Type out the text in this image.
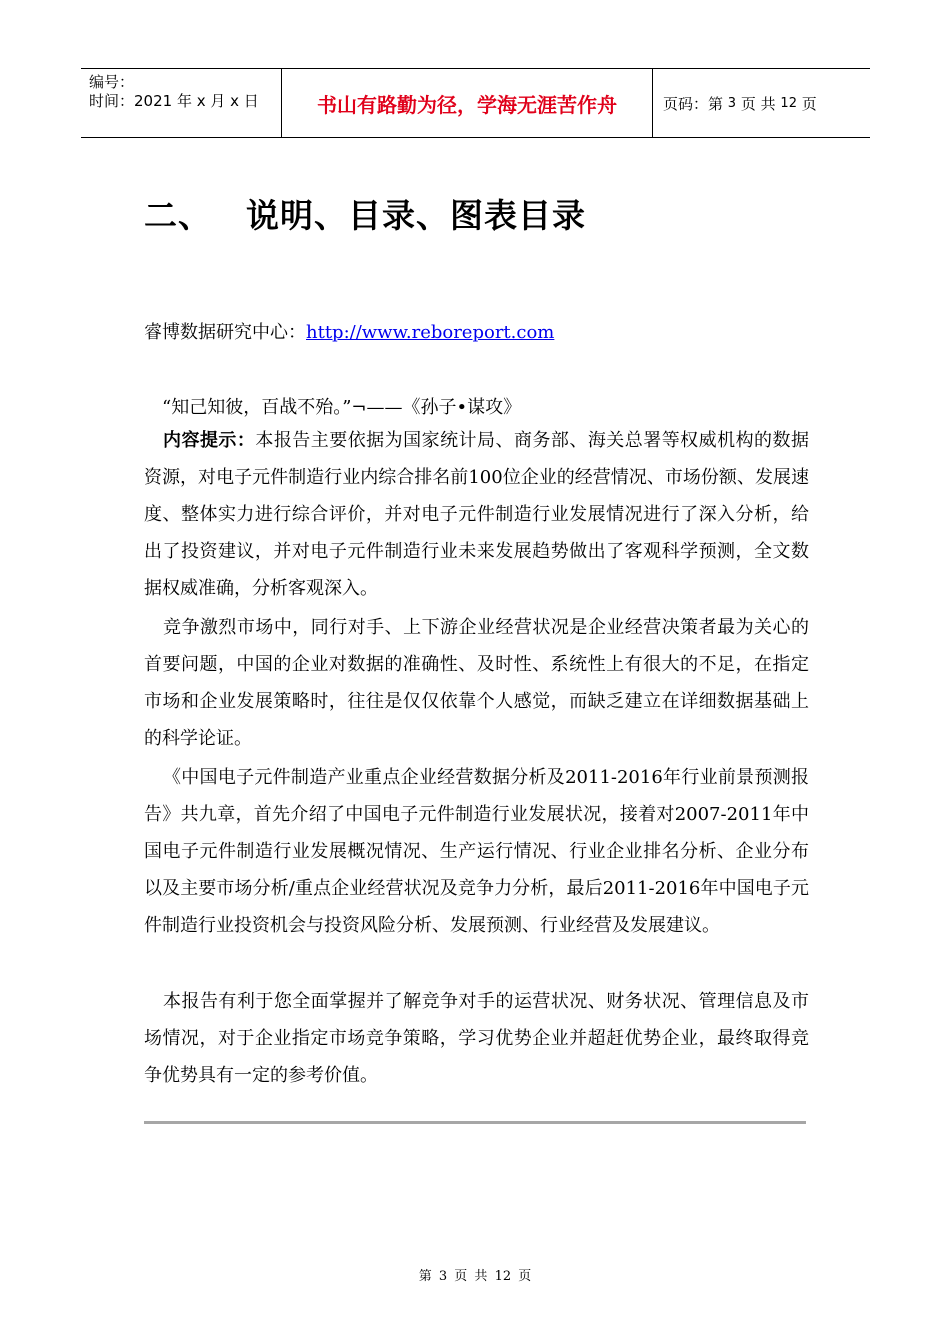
编号：
时间：2021 年 x 月 x 日	书山有路勤为径，学海无涯苦作舟	页码：第
3
页 共
12
页
二、 说明、目录、图表目录
睿博数据研究中心：http://www.reboreport.com
“知己知彼，百战不殆。”¬——《孙子•谋攻》
内容提示：本报告主要依据为国家统计局、商务部、海关总署等权威机构的数据资源，对电子元件制造行业内综合排名前100位企业的经营情况、市场份额、发展速度、整体实力进行综合评价，并对电子元件制造行业发展情况进行了深入分析，给出了投资建议，并对电子元件制造行业未来发展趋势做出了客观科学预测，全文数据权威准确，分析客观深入。
竞争激烈市场中，同行对手、上下游企业经营状况是企业经营决策者最为关心的首要问题，中国的企业对数据的准确性、及时性、系统性上有很大的不足，在指定市场和企业发展策略时，往往是仅仅依靠个人感觉，而缺乏建立在详细数据基础上的科学论证。
《中国电子元件制造产业重点企业经营数据分析及2011-2016年行业前景预测报告》共九章，首先介绍了中国电子元件制造行业发展状况，接着对2007-2011年中国电子元件制造行业发展概况情况、生产运行情况、行业企业排名分析、企业分布以及主要市场分析/重点企业经营状况及竞争力分析，最后2011-2016年中国电子元件制造行业投资机会与投资风险分析、发展预测、行业经营及发展建议。
本报告有利于您全面掌握并了解竞争对手的运营状况、财务状况、管理信息及市场情况，对于企业指定市场竞争策略，学习优势企业并超赶优势企业，最终取得竞争优势具有一定的参考价值。
第 3 页 共 12 页
